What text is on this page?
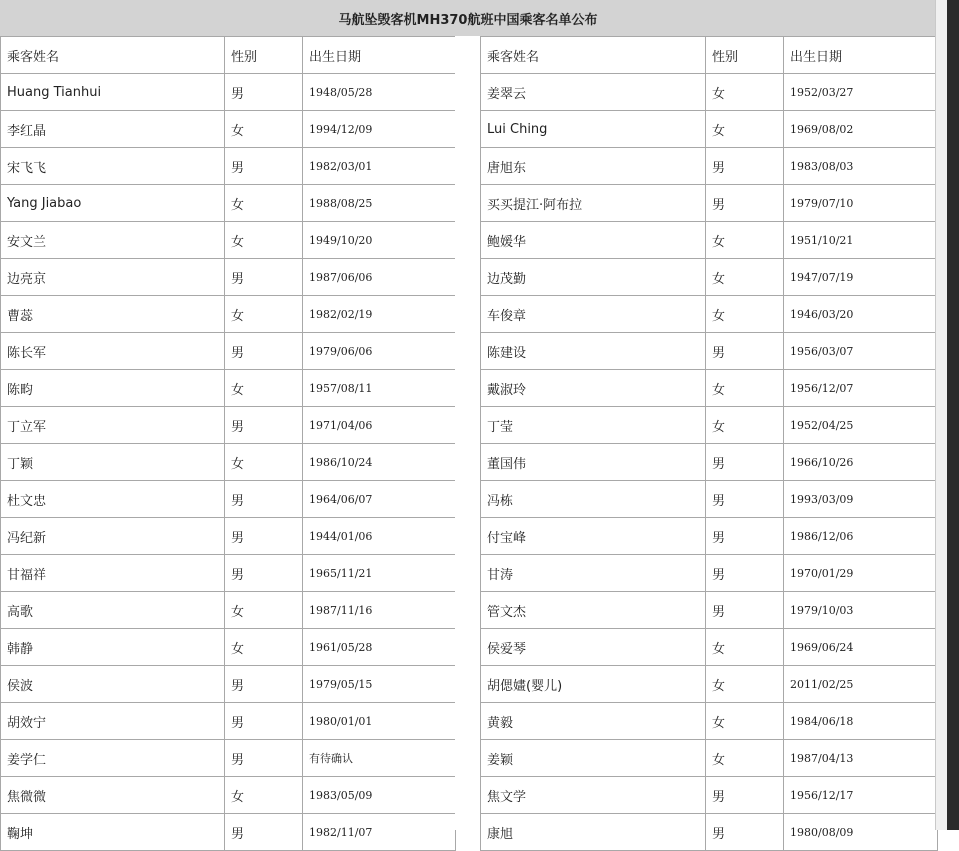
马航坠毁客机MH370航班中国乘客名单公布
乘客姓名	性别	出生日期
Huang Tianhui	男	1948/05/28
李红晶	女	1994/12/09
宋飞飞	男	1982/03/01
Yang Jiabao	女	1988/08/25
安文兰	女	1949/10/20
边亮京	男	1987/06/06
曹蕊	女	1982/02/19
陈长军	男	1979/06/06
陈畇	女	1957/08/11
丁立军	男	1971/04/06
丁颖	女	1986/10/24
杜文忠	男	1964/06/07
冯纪新	男	1944/01/06
甘福祥	男	1965/11/21
高歌	女	1987/11/16
韩静	女	1961/05/28
侯波	男	1979/05/15
胡效宁	男	1980/01/01
姜学仁	男	有待确认
焦微微	女	1983/05/09
鞠坤	男	1982/11/07
乘客姓名	性别	出生日期
姜翠云	女	1952/03/27
Lui Ching	女	1969/08/02
唐旭东	男	1983/08/03
买买提江·阿布拉	男	1979/07/10
鲍媛华	女	1951/10/21
边茂勤	女	1947/07/19
车俊章	女	1946/03/20
陈建设	男	1956/03/07
戴淑玲	女	1956/12/07
丁莹	女	1952/04/25
董国伟	男	1966/10/26
冯栋	男	1993/03/09
付宝峰	男	1986/12/06
甘涛	男	1970/01/29
管文杰	男	1979/10/03
侯爱琴	女	1969/06/24
胡偲嫿(婴儿)	女	2011/02/25
黄毅	女	1984/06/18
姜颖	女	1987/04/13
焦文学	男	1956/12/17
康旭	男	1980/08/09
